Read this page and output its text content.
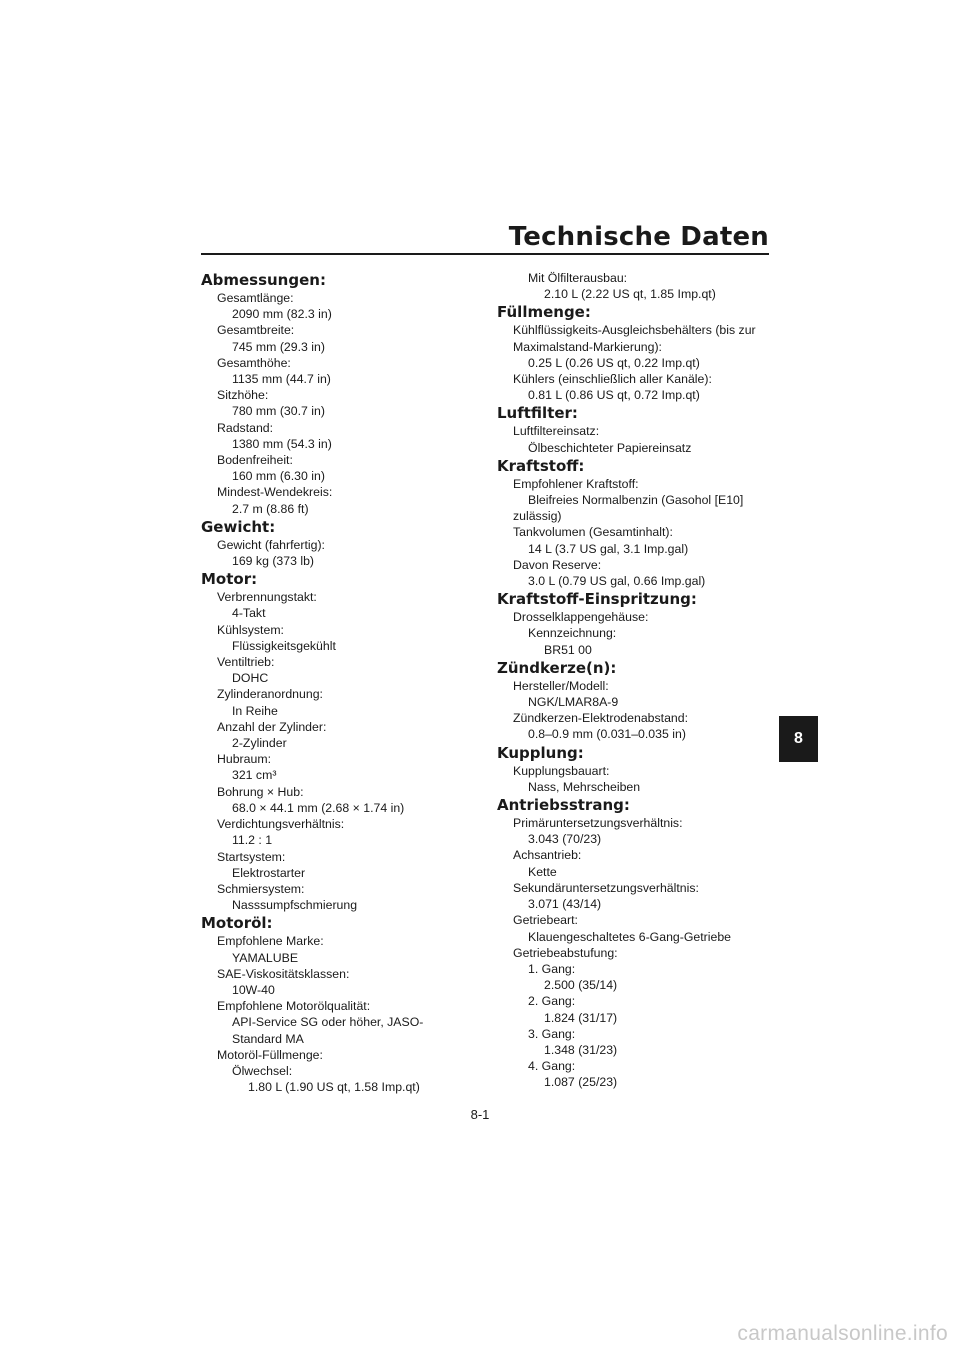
Technische Daten
Abmessungen:
Gesamtlänge:
2090 mm (82.3 in)
Gesamtbreite:
745 mm (29.3 in)
Gesamthöhe:
1135 mm (44.7 in)
Sitzhöhe:
780 mm (30.7 in)
Radstand:
1380 mm (54.3 in)
Bodenfreiheit:
160 mm (6.30 in)
Mindest-Wendekreis:
2.7 m (8.86 ft)
Gewicht:
Gewicht (fahrfertig):
169 kg (373 lb)
Motor:
Verbrennungstakt:
4-Takt
Kühlsystem:
Flüssigkeitsgekühlt
Ventiltrieb:
DOHC
Zylinderanordnung:
In Reihe
Anzahl der Zylinder:
2-Zylinder
Hubraum:
321 cm³
Bohrung × Hub:
68.0 × 44.1 mm (2.68 × 1.74 in)
Verdichtungsverhältnis:
11.2 : 1
Startsystem:
Elektrostarter
Schmiersystem:
Nasssumpfschmierung
Motoröl:
Empfohlene Marke:
YAMALUBE
SAE-Viskositätsklassen:
10W-40
Empfohlene Motorölqualität:
API-Service SG oder höher, JASO-
Standard MA
Motoröl-Füllmenge:
Ölwechsel:
1.80 L (1.90 US qt, 1.58 Imp.qt)
Mit Ölfilterausbau:
2.10 L (2.22 US qt, 1.85 Imp.qt)
Füllmenge:
Kühlflüssigkeits-Ausgleichsbehälters (bis zur
Maximalstand-Markierung):
0.25 L (0.26 US qt, 0.22 Imp.qt)
Kühlers (einschließlich aller Kanäle):
0.81 L (0.86 US qt, 0.72 Imp.qt)
Luftfilter:
Luftfiltereinsatz:
Ölbeschichteter Papiereinsatz
Kraftstoff:
Empfohlener Kraftstoff:
Bleifreies Normalbenzin (Gasohol [E10]
zulässig)
Tankvolumen (Gesamtinhalt):
14 L (3.7 US gal, 3.1 Imp.gal)
Davon Reserve:
3.0 L (0.79 US gal, 0.66 Imp.gal)
Kraftstoff-Einspritzung:
Drosselklappengehäuse:
Kennzeichnung:
BR51 00
Zündkerze(n):
Hersteller/Modell:
NGK/LMAR8A-9
Zündkerzen-Elektrodenabstand:
0.8–0.9 mm (0.031–0.035 in)
Kupplung:
Kupplungsbauart:
Nass, Mehrscheiben
Antriebsstrang:
Primäruntersetzungsverhältnis:
3.043 (70/23)
Achsantrieb:
Kette
Sekundäruntersetzungsverhältnis:
3.071 (43/14)
Getriebeart:
Klauengeschaltetes 6-Gang-Getriebe
Getriebeabstufung:
1. Gang:
2.500 (35/14)
2. Gang:
1.824 (31/17)
3. Gang:
1.348 (31/23)
4. Gang:
1.087 (25/23)
8
8-1
carmanualsonline.info
